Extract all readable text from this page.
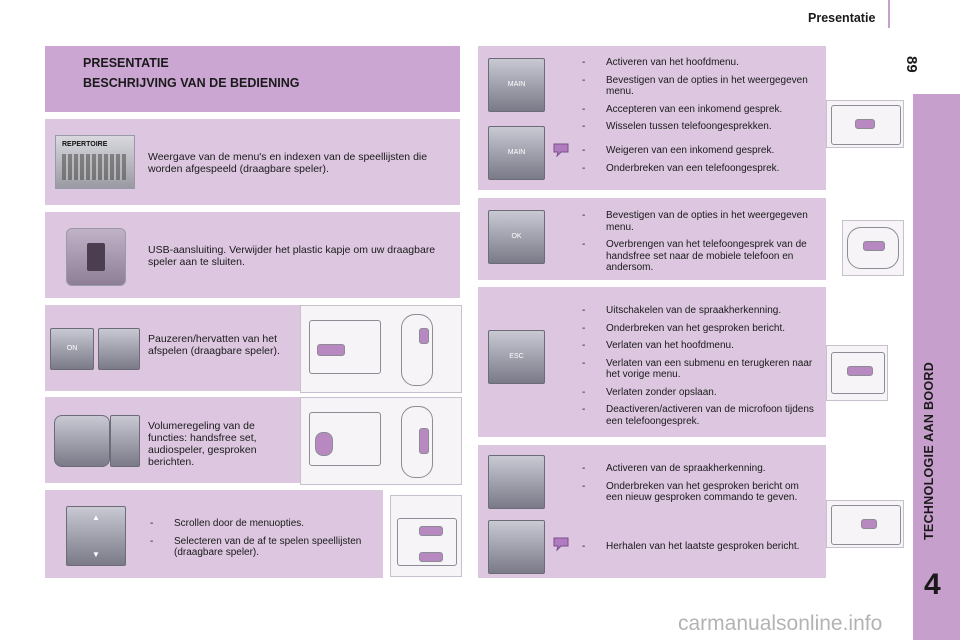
Presentatie
89
TECHNOLOGIE AAN BOORD
4
PRESENTATIE
BESCHRIJVING VAN DE BEDIENING
REPERTOIRE
Weergave van de menu's en indexen van de speellijsten die worden afgespeeld (draagbare speler).
USB-aansluiting. Verwijder het plastic kapje om uw draagbare speler aan te sluiten.
ON
Pauzeren/hervatten van het afspelen (draagbare speler).
Volumeregeling van de functies: handsfree set, audiospeler, gesproken berichten.
▲
▼
- Scrollen door de menuopties.
- Selecteren van de af te spelen speellijsten (draagbare speler).
MAIN
MAIN
- Activeren van het hoofdmenu.
- Bevestigen van de opties in het weergegeven menu.
- Accepteren van een inkomend gesprek.
- Wisselen tussen telefoongesprekken.
- Weigeren van een inkomend gesprek.
- Onderbreken van een telefoongesprek.
OK
- Bevestigen van de opties in het weergegeven menu.
- Overbrengen van het telefoongesprek van de handsfree set naar de mobiele telefoon en andersom.
ESC
- Uitschakelen van de spraakherkenning.
- Onderbreken van het gesproken bericht.
- Verlaten van het hoofdmenu.
- Verlaten van een submenu en terugkeren naar het vorige menu.
- Verlaten zonder opslaan.
- Deactiveren/activeren van de microfoon tijdens een telefoongesprek.
- Activeren van de spraakherkenning.
- Onderbreken van het gesproken bericht om een nieuw gesproken commando te geven.
- Herhalen van het laatste gesproken bericht.
carmanualsonline.info
